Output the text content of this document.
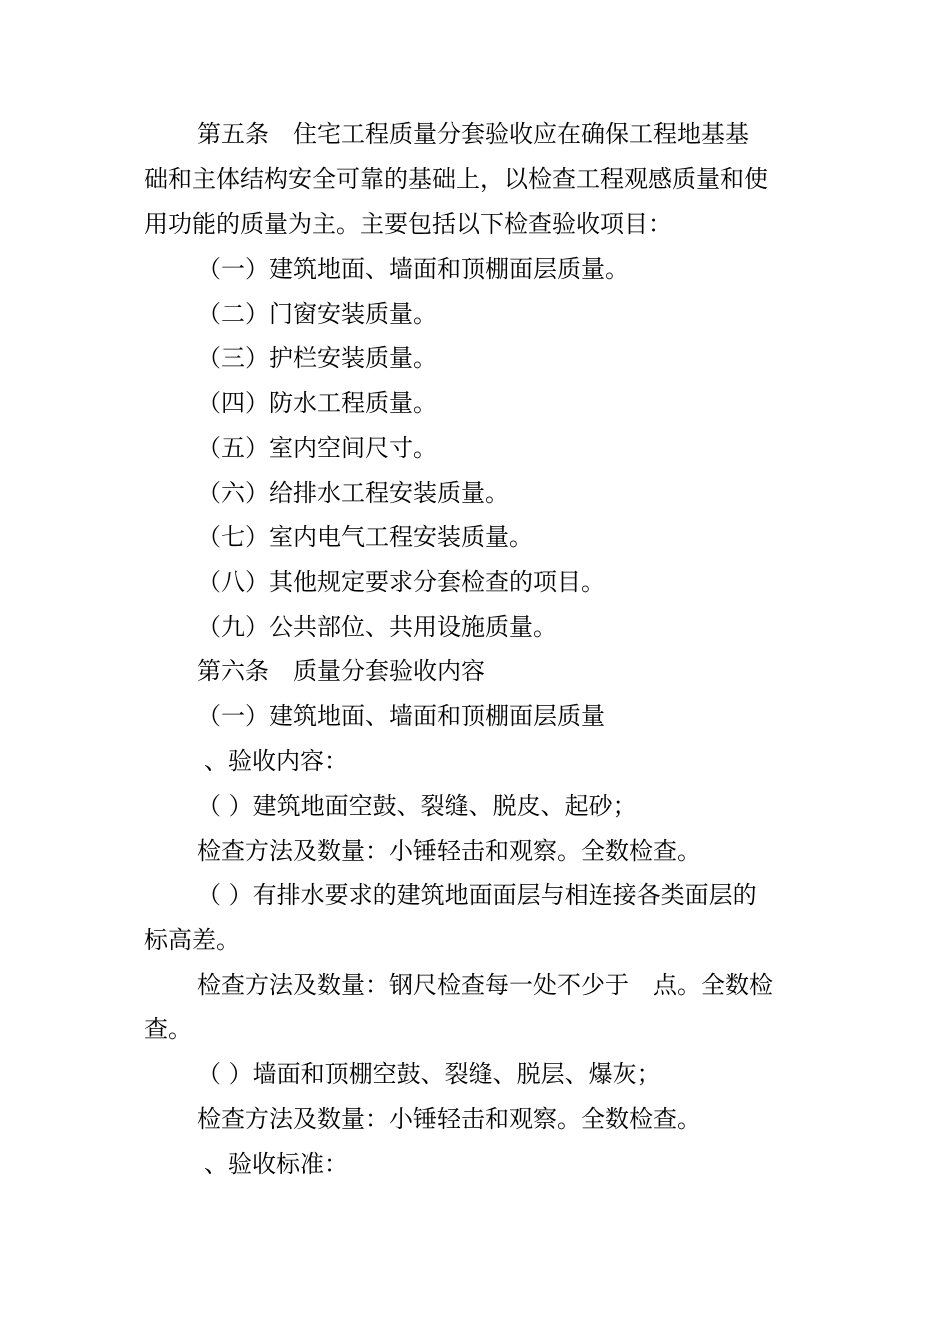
第五条　住宅工程质量分套验收应在确保工程地基基
础和主体结构安全可靠的基础上，以检查工程观感质量和使
用功能的质量为主。主要包括以下检查验收项目：
（一）建筑地面、墙面和顶棚面层质量。
（二）门窗安装质量。
（三）护栏安装质量。
（四）防水工程质量。
（五）室内空间尺寸。
（六）给排水工程安装质量。
（七）室内电气工程安装质量。
（八）其他规定要求分套检查的项目。
（九）公共部位、共用设施质量。
第六条　质量分套验收内容
（一）建筑地面、墙面和顶棚面层质量
、验收内容：
（ ）建筑地面空鼓、裂缝、脱皮、起砂；
检查方法及数量：小锤轻击和观察。全数检查。
（ ）有排水要求的建筑地面面层与相连接各类面层的
标高差。
检查方法及数量：钢尺检查每一处不少于　点。全数检
查。
（ ）墙面和顶棚空鼓、裂缝、脱层、爆灰；
检查方法及数量：小锤轻击和观察。全数检查。
、验收标准：
